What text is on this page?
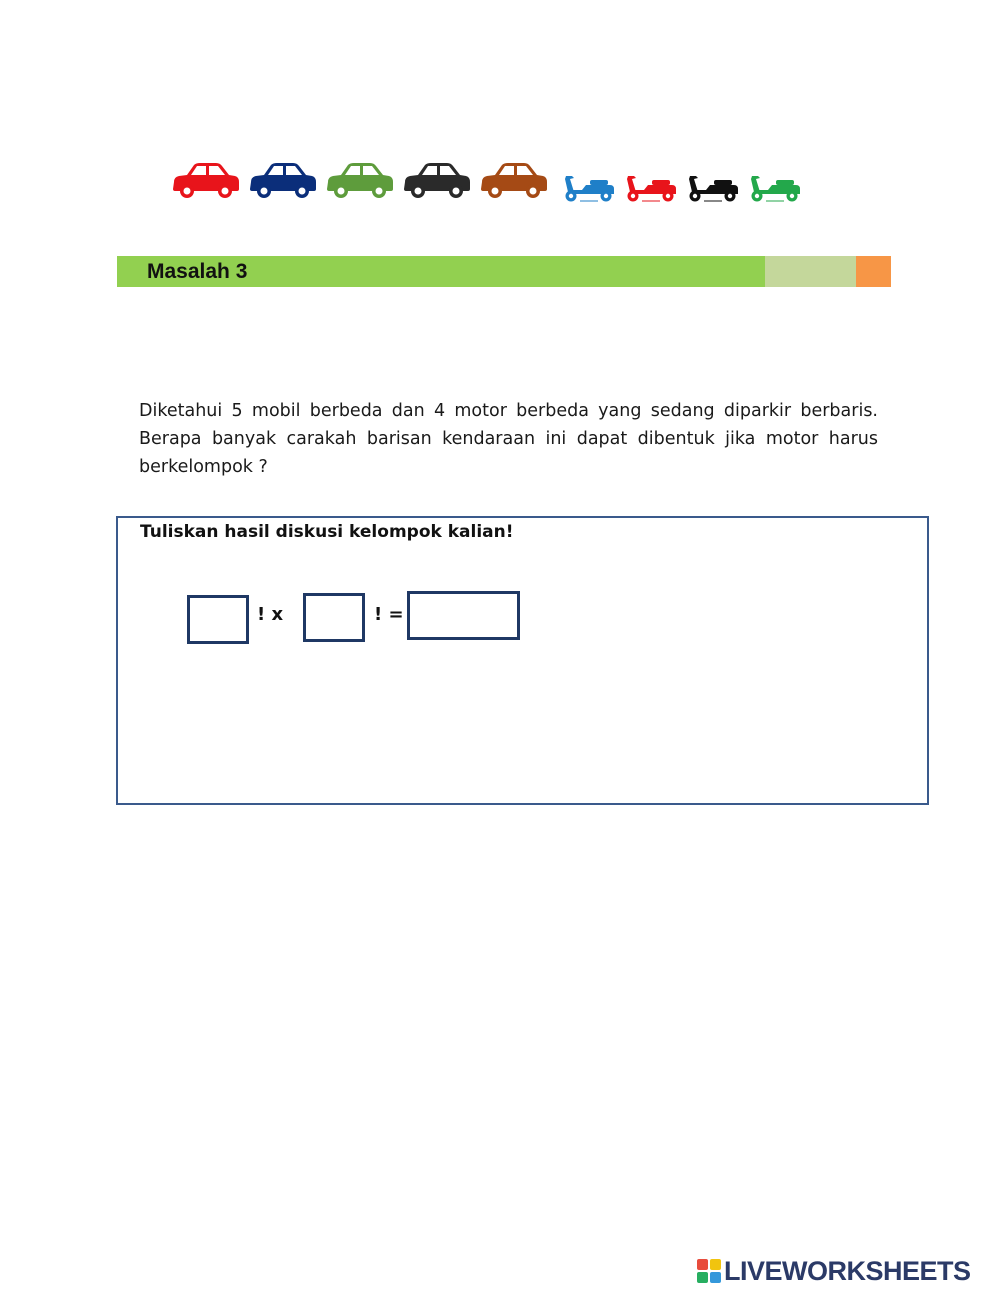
Masalah 3

Diketahui 5 mobil berbeda dan 4 motor berbeda yang sedang diparkir berbaris. Berapa banyak carakah barisan kendaraan ini dapat dibentuk jika motor harus berkelompok ?

Tuliskan hasil diskusi kelompok kalian!
! x	! =
LIVEWORKSHEETS
